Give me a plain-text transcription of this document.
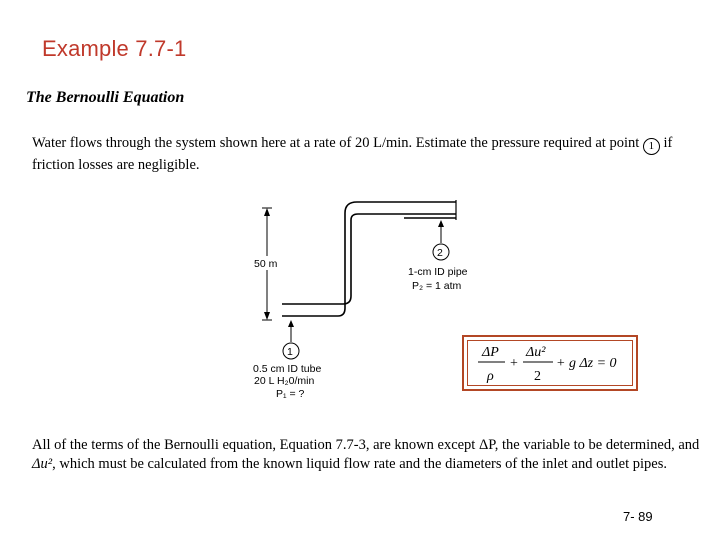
Example 7.7-1
The Bernoulli Equation
Water flows through the system shown here at a rate of 20 L/min. Estimate the pressure required at point 1 if friction losses are negligible.
50 m
2
1-cm ID pipe
P₂ = 1 atm
1
0.5 cm ID tube
20 L H₂0/min
P₁ = ?
ΔP
ρ
+
Δu²
2
+ g Δz = 0
All of the terms of the Bernoulli equation, Equation 7.7-3, are known except ΔP, the variable to be determined, and Δu², which must be calculated from the known liquid flow rate and the diameters of the inlet and outlet pipes.
7- 89
